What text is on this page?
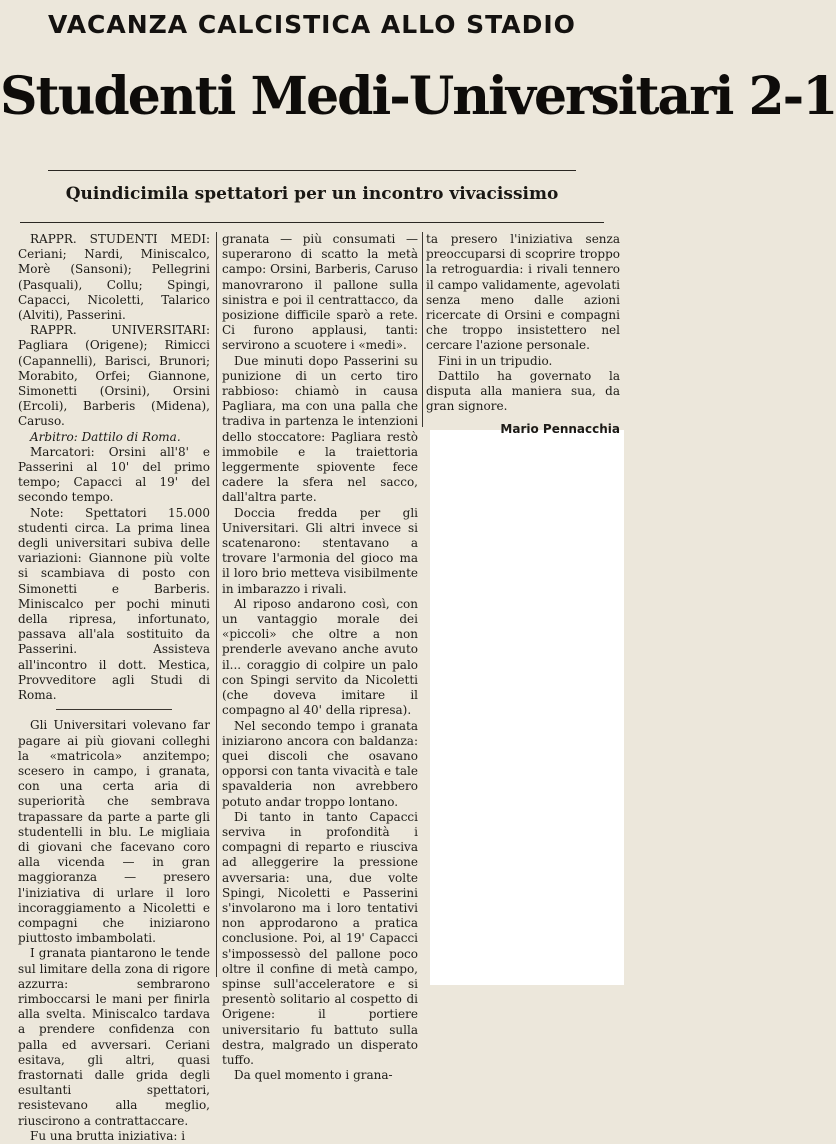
VACANZA CALCISTICA ALLO STADIO
Studenti Medi-Universitari 2-1
Quindicimila spettatori per un incontro vivacissimo

RAPPR. STUDENTI MEDI: Ceriani; Nardi, Miniscalco, Morè (Sansoni); Pellegrini (Pasquali), Collu; Spingi, Capacci, Nicoletti, Talarico (Alviti), Passerini.

RAPPR. UNIVERSITARI: Pagliara (Origene); Rimicci (Capannelli), Barisci, Brunori; Morabito, Orfei; Giannone, Simonetti (Orsini), Orsini (Ercoli), Barberis (Midena), Caruso.

Arbitro: Dattilo di Roma.

Marcatori: Orsini all'8' e Passerini al 10' del primo tempo; Capacci al 19' del secondo tempo.

Note: Spettatori 15.000 studenti circa. La prima linea degli universitari subiva delle variazioni: Giannone più volte si scambiava di posto con Simonetti e Barberis. Miniscalco per pochi minuti della ripresa, infortunato, passava all'ala sostituito da Passerini. Assisteva all'incontro il dott. Mestica, Provveditore agli Studi di Roma.

Gli Universitari volevano far pagare ai più giovani colleghi la «matricola» anzitempo; scesero in campo, i granata, con una certa aria di superiorità che sembrava trapassare da parte a parte gli studentelli in blu. Le migliaia di giovani che facevano coro alla vicenda — in gran maggioranza — presero l'iniziativa di urlare il loro incoraggiamento a Nicoletti e compagni che iniziarono piuttosto imbambolati.

I granata piantarono le tende sul limitare della zona di rigore azzurra: sembrarono rimboccarsi le mani per finirla alla svelta. Miniscalco tardava a prendere confidenza con palla ed avversari. Ceriani esitava, gli altri, quasi frastornati dalle grida degli esultanti spettatori, resistevano alla meglio, riuscirono a contrattaccare.

Fu una brutta iniziativa: i

granata — più consumati — superarono di scatto la metà campo: Orsini, Barberis, Caruso manovrarono il pallone sulla sinistra e poi il centrattacco, da posizione difficile sparò a rete. Ci furono applausi, tanti: servirono a scuotere i «medi».

Due minuti dopo Passerini su punizione di un certo tiro rabbioso: chiamò in causa Pagliara, ma con una palla che tradiva in partenza le intenzioni dello stoccatore: Pagliara restò immobile e la traiettoria leggermente spiovente fece cadere la sfera nel sacco, dall'altra parte.

Doccia fredda per gli Universitari. Gli altri invece si scatenarono: stentavano a trovare l'armonia del gioco ma il loro brio metteva visibilmente in imbarazzo i rivali.

Al riposo andarono così, con un vantaggio morale dei «piccoli» che oltre a non prenderle avevano anche avuto il... coraggio di colpire un palo con Spingi servito da Nicoletti (che doveva imitare il compagno al 40' della ripresa).

Nel secondo tempo i granata iniziarono ancora con baldanza: quei discoli che osavano opporsi con tanta vivacità e tale spavalderia non avrebbero potuto andar troppo lontano.

Di tanto in tanto Capacci serviva in profondità i compagni di reparto e riusciva ad alleggerire la pressione avversaria: una, due volte Spingi, Nicoletti e Passerini s'involarono ma i loro tentativi non approdarono a pratica conclusione. Poi, al 19' Capacci s'impossessò del pallone poco oltre il confine di metà campo, spinse sull'acceleratore e si presentò solitario al cospetto di Origene: il portiere universitario fu battuto sulla destra, malgrado un disperato tuffo.

Da quel momento i grana-

ta presero l'iniziativa senza preoccuparsi di scoprire troppo la retroguardia: i rivali tennero il campo validamente, agevolati senza meno dalle azioni ricercate di Orsini e compagni che troppo insistettero nel cercare l'azione personale.

Fini in un tripudio.

Dattilo ha governato la disputa alla maniera sua, da gran signore.

Mario Pennacchia
